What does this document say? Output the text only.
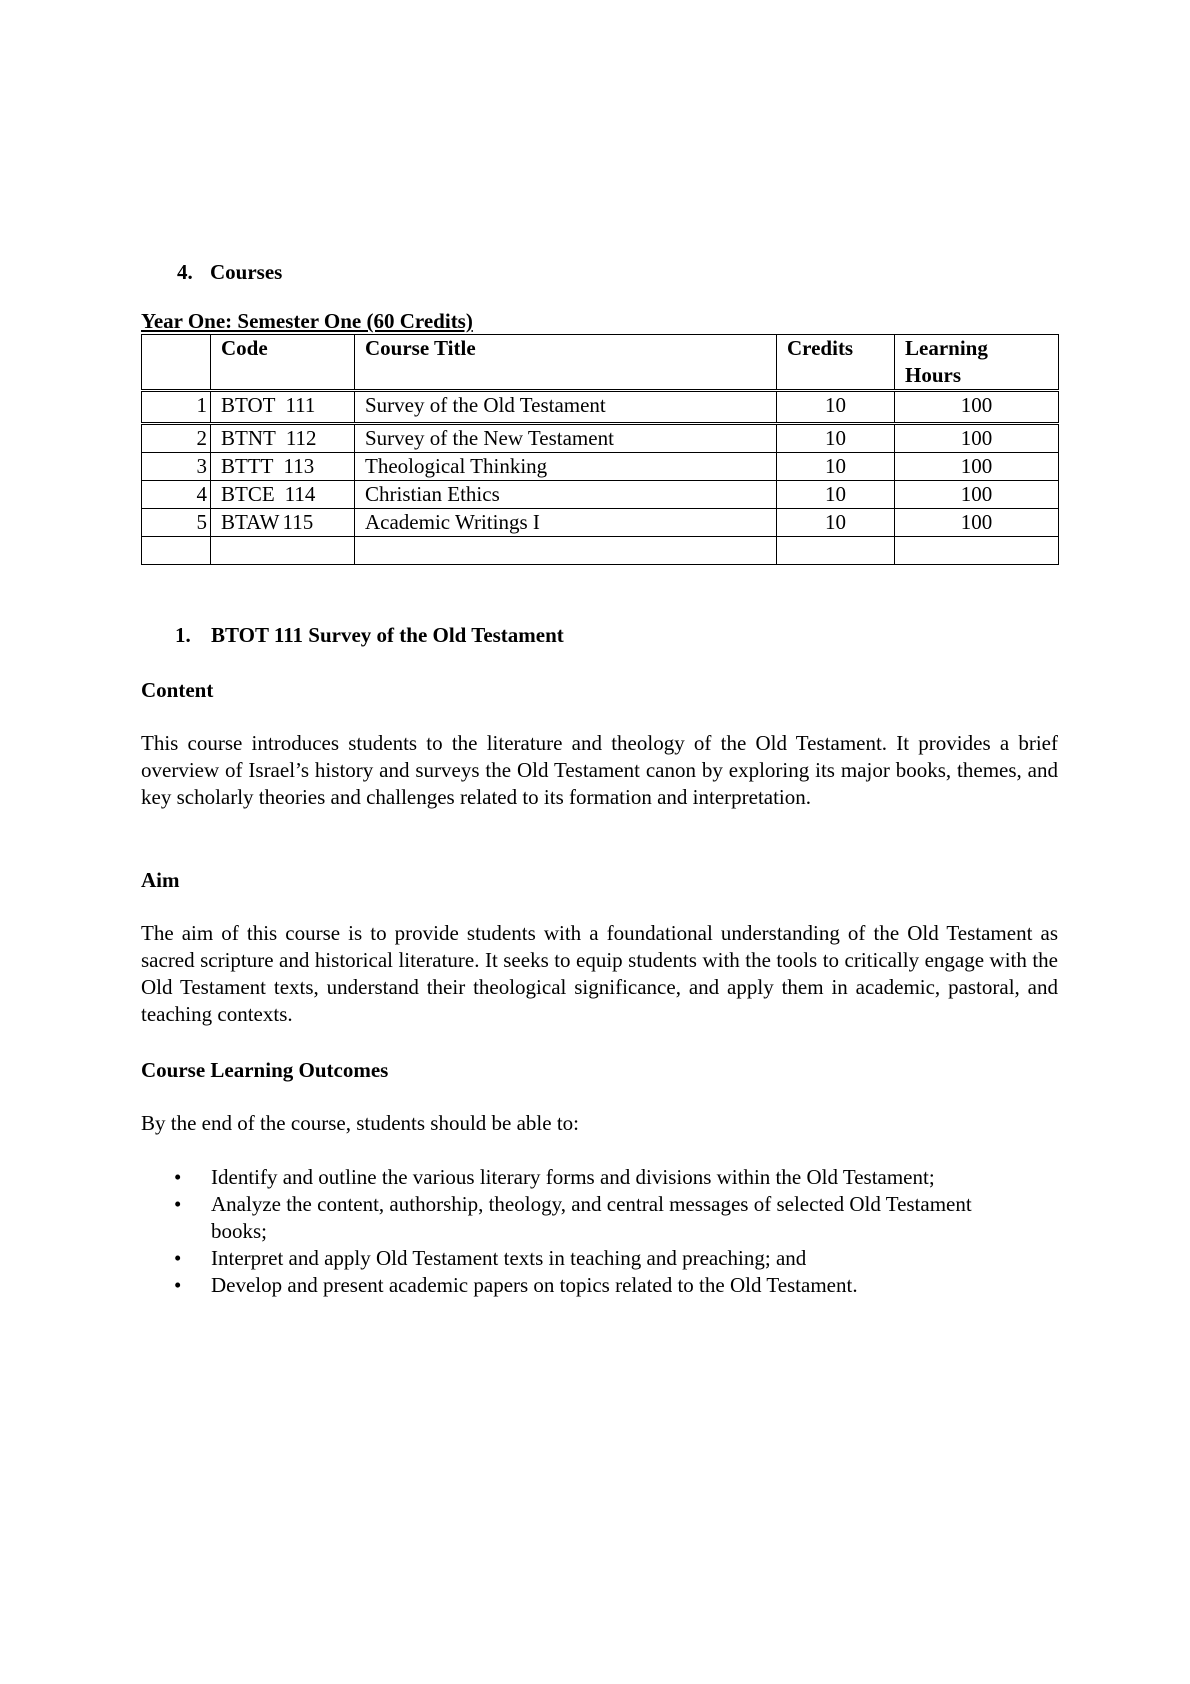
4. Courses
Year One: Semester One (60 Credits)
	Code	Course Title	Credits	Learning
Hours
1	BTOT 111	Survey of the Old Testament	10	100
2	BTNT 112	Survey of the New Testament	10	100
3	BTTT 113	Theological Thinking	10	100
4	BTCE 114	Christian Ethics	10	100
5	BTAW 115	Academic Writings I	10	100

1. BTOT 111 Survey of the Old Testament
Content

This course introduces students to the literature and theology of the Old Testament. It provides a brief overview of Israel’s history and surveys the Old Testament canon by exploring its major books, themes, and key scholarly theories and challenges related to its formation and interpretation.

Aim

The aim of this course is to provide students with a foundational understanding of the Old Testament as sacred scripture and historical literature. It seeks to equip students with the tools to critically engage with the Old Testament texts, understand their theological significance, and apply them in academic, pastoral, and teaching contexts.

Course Learning Outcomes

By the end of the course, students should be able to:

• Identify and outline the various literary forms and divisions within the Old Testament;
• Analyze the content, authorship, theology, and central messages of selected Old Testament books;
• Interpret and apply Old Testament texts in teaching and preaching; and
• Develop and present academic papers on topics related to the Old Testament.
